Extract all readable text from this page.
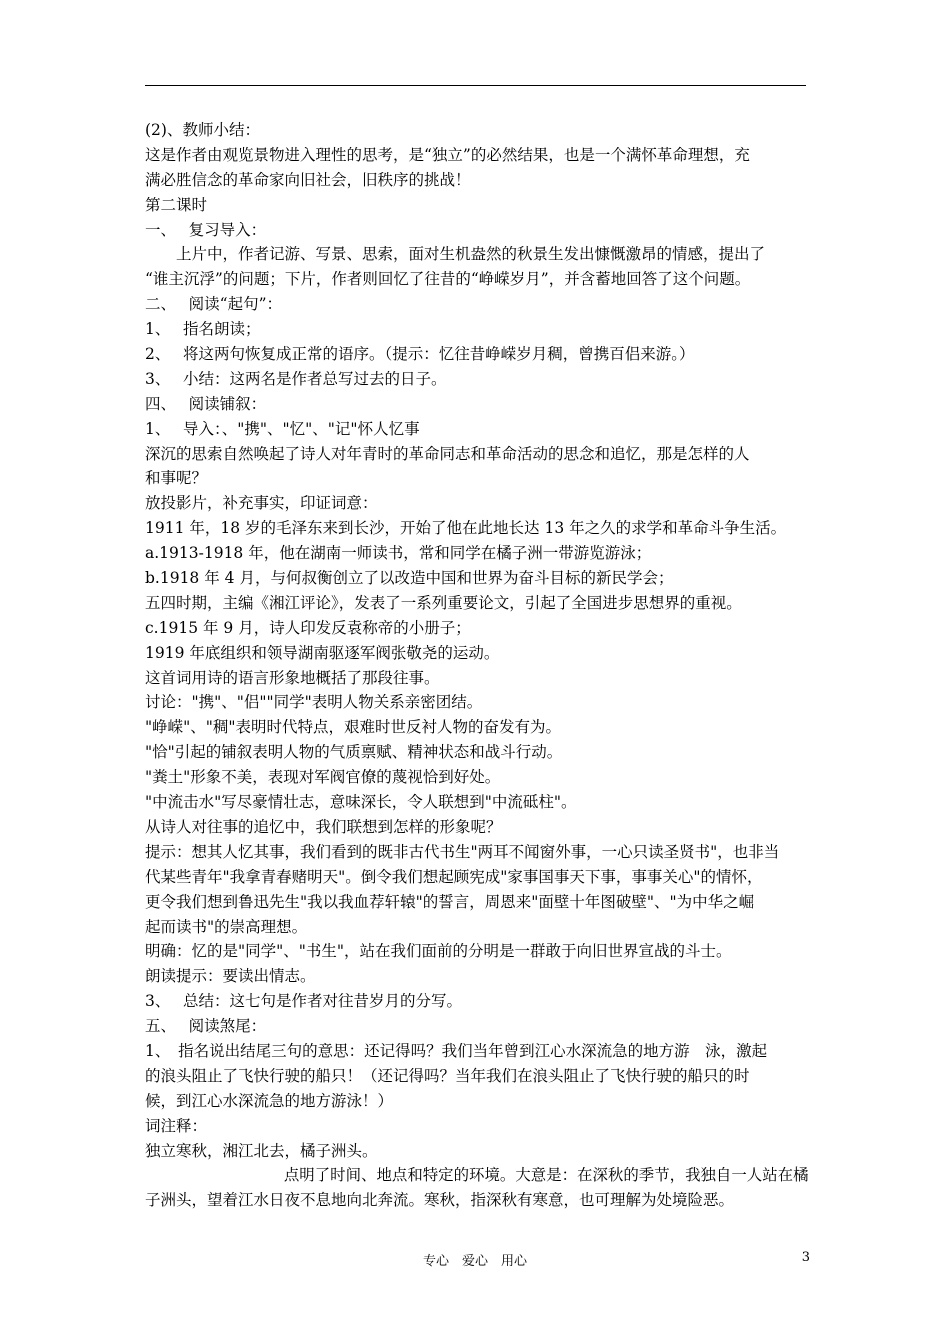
(2)、教师小结：
这是作者由观览景物进入理性的思考，是“独立”的必然结果，也是一个满怀革命理想，充
满必胜信念的革命家向旧社会，旧秩序的挑战！
第二课时
一、　 复习导入：
　　上片中，作者记游、写景、思索，面对生机盎然的秋景生发出慷慨激昂的情感，提出了
“谁主沉浮”的问题；下片，作者则回忆了往昔的“峥嵘岁月”，并含蓄地回答了这个问题。
二、　 阅读“起句”：
1、　 指名朗读；
2、　 将这两句恢复成正常的语序。（提示：忆往昔峥嵘岁月稠，曾携百侣来游。）
3、　 小结：这两名是作者总写过去的日子。
四、　 阅读铺叙：
1、　 导入：、"携"、"忆"、"记"怀人忆事
深沉的思索自然唤起了诗人对年青时的革命同志和革命活动的思念和追忆，那是怎样的人
和事呢？
放投影片，补充事实，印证词意：
1911 年，18 岁的毛泽东来到长沙，开始了他在此地长达 13 年之久的求学和革命斗争生活。
a.1913-1918 年，他在湖南一师读书，常和同学在橘子洲一带游览游泳；
b.1918 年 4 月，与何叔衡创立了以改造中国和世界为奋斗目标的新民学会；
五四时期，主编《湘江评论》，发表了一系列重要论文，引起了全国进步思想界的重视。
c.1915 年 9 月，诗人印发反袁称帝的小册子；
1919 年底组织和领导湖南驱逐军阀张敬尧的运动。
这首词用诗的语言形象地概括了那段往事。
讨论："携"、"侣""同学"表明人物关系亲密团结。
"峥嵘"、"稠"表明时代特点，艰难时世反衬人物的奋发有为。
"恰"引起的铺叙表明人物的气质禀赋、精神状态和战斗行动。
"粪土"形象不美，表现对军阀官僚的蔑视恰到好处。
"中流击水"写尽豪情壮志，意味深长，令人联想到"中流砥柱"。
从诗人对往事的追忆中，我们联想到怎样的形象呢？
提示：想其人忆其事，我们看到的既非古代书生"两耳不闻窗外事，一心只读圣贤书"，也非当
代某些青年"我拿青春赌明天"。倒令我们想起顾宪成"家事国事天下事，事事关心"的情怀，
更令我们想到鲁迅先生"我以我血荐轩辕"的誓言，周恩来"面壁十年图破壁"、"为中华之崛
起而读书"的崇高理想。
明确：忆的是"同学"、"书生"，站在我们面前的分明是一群敢于向旧世界宣战的斗士。
朗读提示：要读出情志。
3、　 总结：这七句是作者对往昔岁月的分写。
五、　 阅读煞尾：
1、　指名说出结尾三句的意思：还记得吗？我们当年曾到江心水深流急的地方游　泳，激起
的浪头阻止了飞快行驶的船只！（还记得吗？当年我们在浪头阻止了飞快行驶的船只的时
候，到江心水深流急的地方游泳！）
词注释：
独立寒秋，湘江北去，橘子洲头。
　　　　　　　　　点明了时间、地点和特定的环境。大意是：在深秋的季节，我独自一人站在橘
子洲头，望着江水日夜不息地向北奔流。寒秋，指深秋有寒意，也可理解为处境险恶。
专心　爱心　用心	3
